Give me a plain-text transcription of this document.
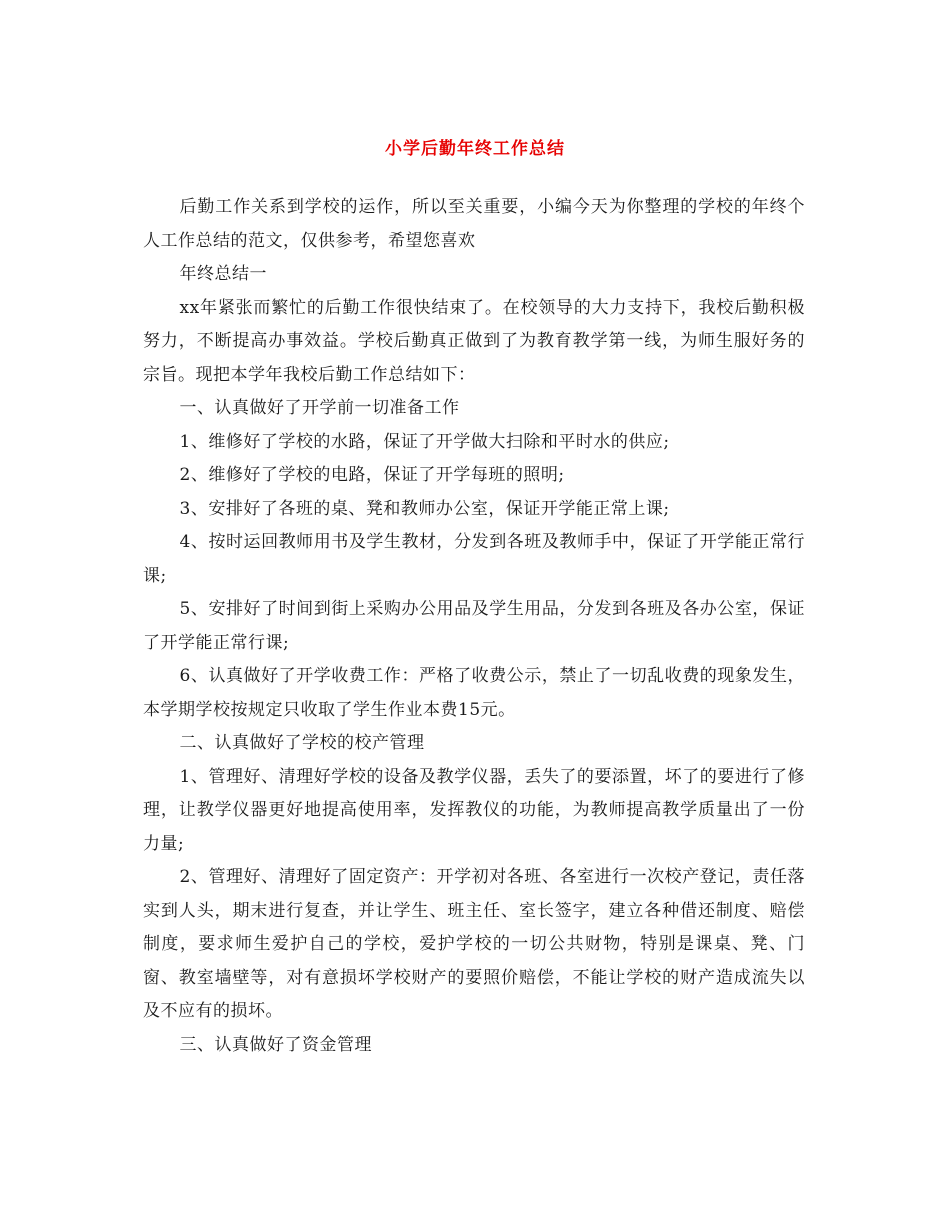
小学后勤年终工作总结

后勤工作关系到学校的运作，所以至关重要，小编今天为你整理的学校的年终个人工作总结的范文，仅供参考，希望您喜欢

年终总结一

xx年紧张而繁忙的后勤工作很快结束了。在校领导的大力支持下，我校后勤积极努力，不断提高办事效益。学校后勤真正做到了为教育教学第一线，为师生服好务的宗旨。现把本学年我校后勤工作总结如下：

一、认真做好了开学前一切准备工作

1、维修好了学校的水路，保证了开学做大扫除和平时水的供应;

2、维修好了学校的电路，保证了开学每班的照明;

3、安排好了各班的桌、凳和教师办公室，保证开学能正常上课;

4、按时运回教师用书及学生教材，分发到各班及教师手中，保证了开学能正常行课;

5、安排好了时间到街上采购办公用品及学生用品，分发到各班及各办公室，保证了开学能正常行课;

6、认真做好了开学收费工作：严格了收费公示，禁止了一切乱收费的现象发生， 本学期学校按规定只收取了学生作业本费15元。

二、认真做好了学校的校产管理

1、管理好、清理好学校的设备及教学仪器，丢失了的要添置，坏了的要进行了修理，让教学仪器更好地提高使用率，发挥教仪的功能，为教师提高教学质量出了一份力量;

2、管理好、清理好了固定资产：开学初对各班、各室进行一次校产登记，责任落实到人头，期末进行复查，并让学生、班主任、室长签字，建立各种借还制度、赔偿制度，要求师生爱护自己的学校，爱护学校的一切公共财物，特别是课桌、凳、门窗、教室墙壁等，对有意损坏学校财产的要照价赔偿，不能让学校的财产造成流失以及不应有的损坏。

三、认真做好了资金管理
